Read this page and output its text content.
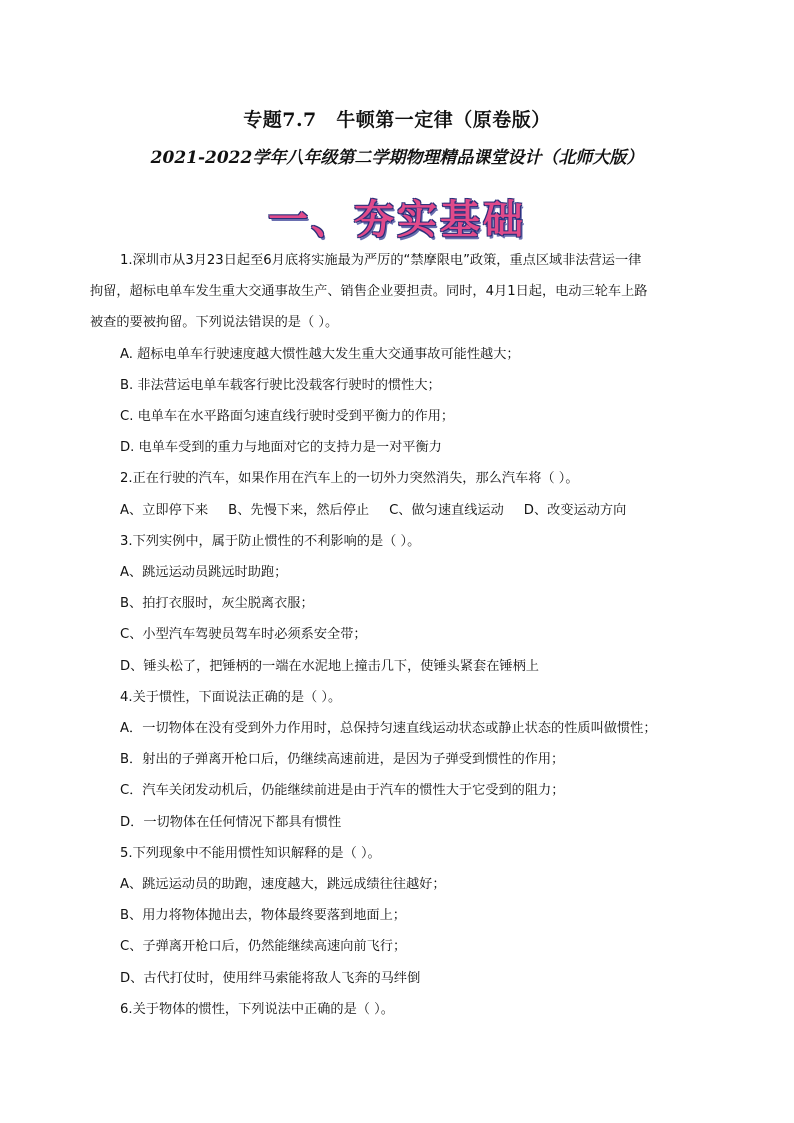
专题7.7　牛顿第一定律（原卷版）
2021-2022学年八年级第二学期物理精品课堂设计（北师大版）
一、夯实基础
1.深圳市从3月23日起至6月底将实施最为严厉的“禁摩限电”政策，重点区域非法营运一律
拘留，超标电单车发生重大交通事故生产、销售企业要担责。同时，4月1日起，电动三轮车上路
被查的要被拘留。下列说法错误的是（ ）。
A. 超标电单车行驶速度越大惯性越大发生重大交通事故可能性越大；
B. 非法营运电单车载客行驶比没载客行驶时的惯性大；
C. 电单车在水平路面匀速直线行驶时受到平衡力的作用；
D. 电单车受到的重力与地面对它的支持力是一对平衡力
2.正在行驶的汽车，如果作用在汽车上的一切外力突然消失，那么汽车将（ ）。
A、立即停下来 B、先慢下来，然后停止 C、做匀速直线运动 D、改变运动方向
3.下列实例中，属于防止惯性的不利影响的是（ ）。
A、跳远运动员跳远时助跑；
B、拍打衣服时，灰尘脱离衣服；
C、小型汽车驾驶员驾车时必须系安全带；
D、锤头松了，把锤柄的一端在水泥地上撞击几下，使锤头紧套在锤柄上
4.关于惯性，下面说法正确的是（ ）。
A．一切物体在没有受到外力作用时，总保持匀速直线运动状态或静止状态的性质叫做惯性；
B．射出的子弹离开枪口后，仍继续高速前进，是因为子弹受到惯性的作用；
C．汽车关闭发动机后，仍能继续前进是由于汽车的惯性大于它受到的阻力；
D．一切物体在任何情况下都具有惯性
5.下列现象中不能用惯性知识解释的是（ ）。
A、跳远运动员的助跑，速度越大，跳远成绩往往越好；
B、用力将物体抛出去，物体最终要落到地面上；
C、子弹离开枪口后，仍然能继续高速向前飞行；
D、古代打仗时，使用绊马索能将敌人飞奔的马绊倒
6.关于物体的惯性，下列说法中正确的是（ ）。
